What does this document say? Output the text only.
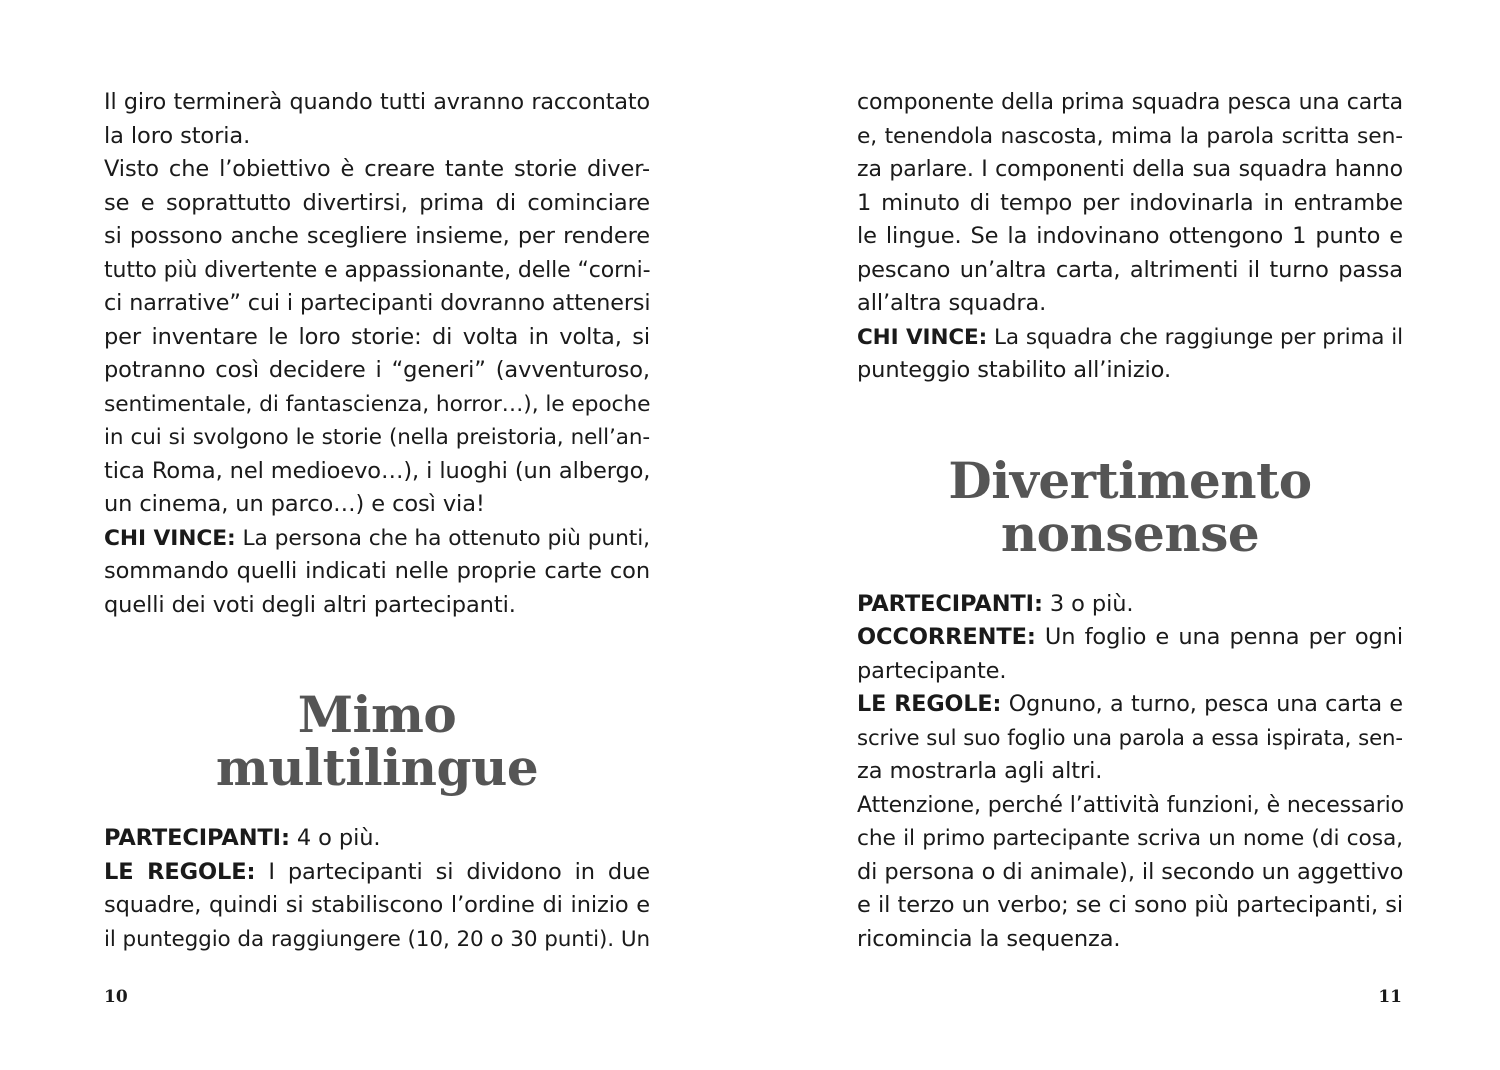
Il giro terminerà quando tutti avranno raccontato
la loro storia.
Visto che l’obiettivo è creare tante storie diver-
se e soprattutto divertirsi, prima di cominciare
si possono anche scegliere insieme, per rendere
tutto più divertente e appassionante, delle “corni-
ci narrative” cui i partecipanti dovranno attenersi
per inventare le loro storie: di volta in volta, si
potranno così decidere i “generi” (avventuroso,
sentimentale, di fantascienza, horror…), le epoche
in cui si svolgono le storie (nella preistoria, nell’an-
tica Roma, nel medioevo…), i luoghi (un albergo,
un cinema, un parco…) e così via!
CHI VINCE: La persona che ha ottenuto più punti,
sommando quelli indicati nelle proprie carte con
quelli dei voti degli altri partecipanti.
Mimo
multilingue
PARTECIPANTI: 4 o più.
LE REGOLE: I partecipanti si dividono in due
squadre, quindi si stabiliscono l’ordine di inizio e
il punteggio da raggiungere (10, 20 o 30 punti). Un
10
componente della prima squadra pesca una carta
e, tenendola nascosta, mima la parola scritta sen-
za parlare. I componenti della sua squadra hanno
1 minuto di tempo per indovinarla in entrambe
le lingue. Se la indovinano ottengono 1 punto e
pescano un’altra carta, altrimenti il turno passa
all’altra squadra.
CHI VINCE: La squadra che raggiunge per prima il
punteggio stabilito all’inizio.
Divertimento
nonsense
PARTECIPANTI: 3 o più.
OCCORRENTE: Un foglio e una penna per ogni
partecipante.
LE REGOLE: Ognuno, a turno, pesca una carta e
scrive sul suo foglio una parola a essa ispirata, sen-
za mostrarla agli altri.
Attenzione, perché l’attività funzioni, è necessario
che il primo partecipante scriva un nome (di cosa,
di persona o di animale), il secondo un aggettivo
e il terzo un verbo; se ci sono più partecipanti, si
ricomincia la sequenza.
11
